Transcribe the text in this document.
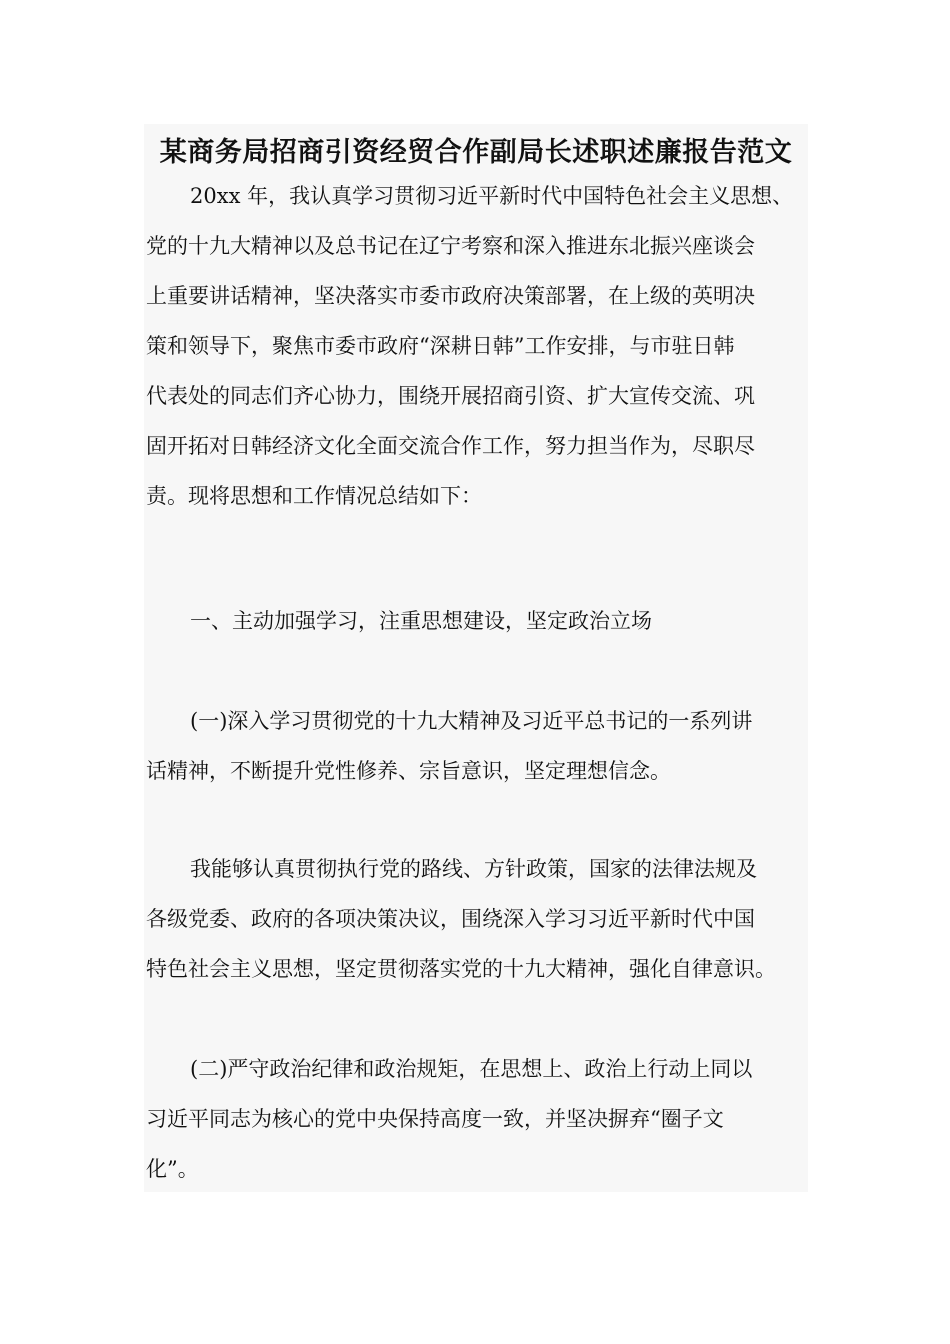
某商务局招商引资经贸合作副局长述职述廉报告范文
20xx 年，我认真学习贯彻习近平新时代中国特色社会主义思想、
党的十九大精神以及总书记在辽宁考察和深入推进东北振兴座谈会
上重要讲话精神，坚决落实市委市政府决策部署，在上级的英明决
策和领导下，聚焦市委市政府“深耕日韩”工作安排，与市驻日韩
代表处的同志们齐心协力，围绕开展招商引资、扩大宣传交流、巩
固开拓对日韩经济文化全面交流合作工作，努力担当作为，尽职尽
责。现将思想和工作情况总结如下：
一、主动加强学习，注重思想建设，坚定政治立场
(一)深入学习贯彻党的十九大精神及习近平总书记的一系列讲
话精神，不断提升党性修养、宗旨意识，坚定理想信念。
我能够认真贯彻执行党的路线、方针政策，国家的法律法规及
各级党委、政府的各项决策决议，围绕深入学习习近平新时代中国
特色社会主义思想，坚定贯彻落实党的十九大精神，强化自律意识。
(二)严守政治纪律和政治规矩，在思想上、政治上行动上同以
习近平同志为核心的党中央保持高度一致，并坚决摒弃“圈子文
化”。
